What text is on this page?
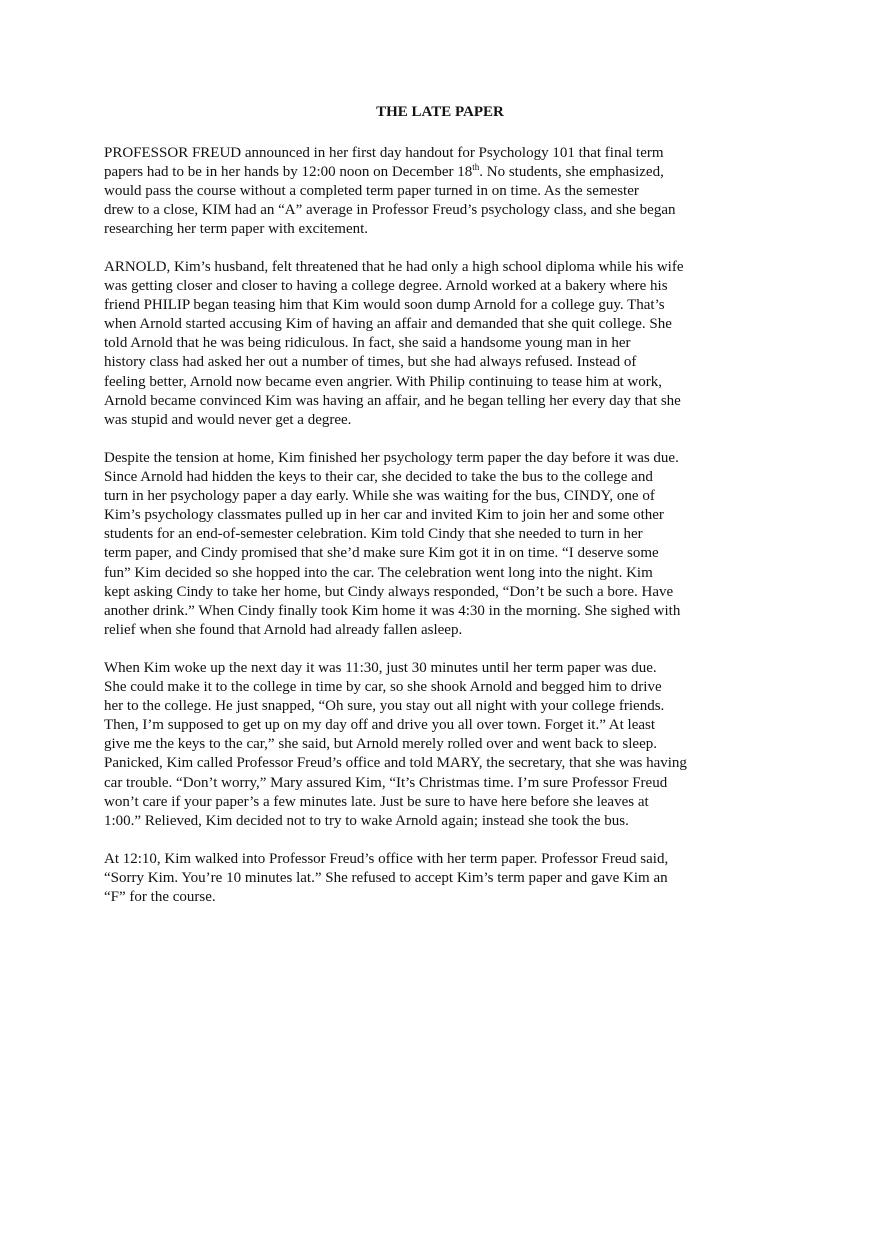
THE LATE PAPER

PROFESSOR FREUD announced in her first day handout for Psychology 101 that final term
papers had to be in her hands by 12:00 noon on December 18th. No students, she emphasized,
would pass the course without a completed term paper turned in on time. As the semester
drew to a close, KIM had an “A” average in Professor Freud’s psychology class, and she began
researching her term paper with excitement.

ARNOLD, Kim’s husband, felt threatened that he had only a high school diploma while his wife
was getting closer and closer to having a college degree. Arnold worked at a bakery where his
friend PHILIP began teasing him that Kim would soon dump Arnold for a college guy. That’s
when Arnold started accusing Kim of having an affair and demanded that she quit college. She
told Arnold that he was being ridiculous. In fact, she said a handsome young man in her
history class had asked her out a number of times, but she had always refused. Instead of
feeling better, Arnold now became even angrier. With Philip continuing to tease him at work,
Arnold became convinced Kim was having an affair, and he began telling her every day that she
was stupid and would never get a degree.

Despite the tension at home, Kim finished her psychology term paper the day before it was due.
Since Arnold had hidden the keys to their car, she decided to take the bus to the college and
turn in her psychology paper a day early. While she was waiting for the bus, CINDY, one of
Kim’s psychology classmates pulled up in her car and invited Kim to join her and some other
students for an end-of-semester celebration. Kim told Cindy that she needed to turn in her
term paper, and Cindy promised that she’d make sure Kim got it in on time. “I deserve some
fun” Kim decided so she hopped into the car. The celebration went long into the night. Kim
kept asking Cindy to take her home, but Cindy always responded, “Don’t be such a bore. Have
another drink.” When Cindy finally took Kim home it was 4:30 in the morning. She sighed with
relief when she found that Arnold had already fallen asleep.

When Kim woke up the next day it was 11:30, just 30 minutes until her term paper was due.
She could make it to the college in time by car, so she shook Arnold and begged him to drive
her to the college. He just snapped, “Oh sure, you stay out all night with your college friends.
Then, I’m supposed to get up on my day off and drive you all over town. Forget it.” At least
give me the keys to the car,” she said, but Arnold merely rolled over and went back to sleep.
Panicked, Kim called Professor Freud’s office and told MARY, the secretary, that she was having
car trouble. “Don’t worry,” Mary assured Kim, “It’s Christmas time. I’m sure Professor Freud
won’t care if your paper’s a few minutes late. Just be sure to have here before she leaves at
1:00.” Relieved, Kim decided not to try to wake Arnold again; instead she took the bus.

At 12:10, Kim walked into Professor Freud’s office with her term paper. Professor Freud said,
“Sorry Kim. You’re 10 minutes lat.” She refused to accept Kim’s term paper and gave Kim an
“F” for the course.
